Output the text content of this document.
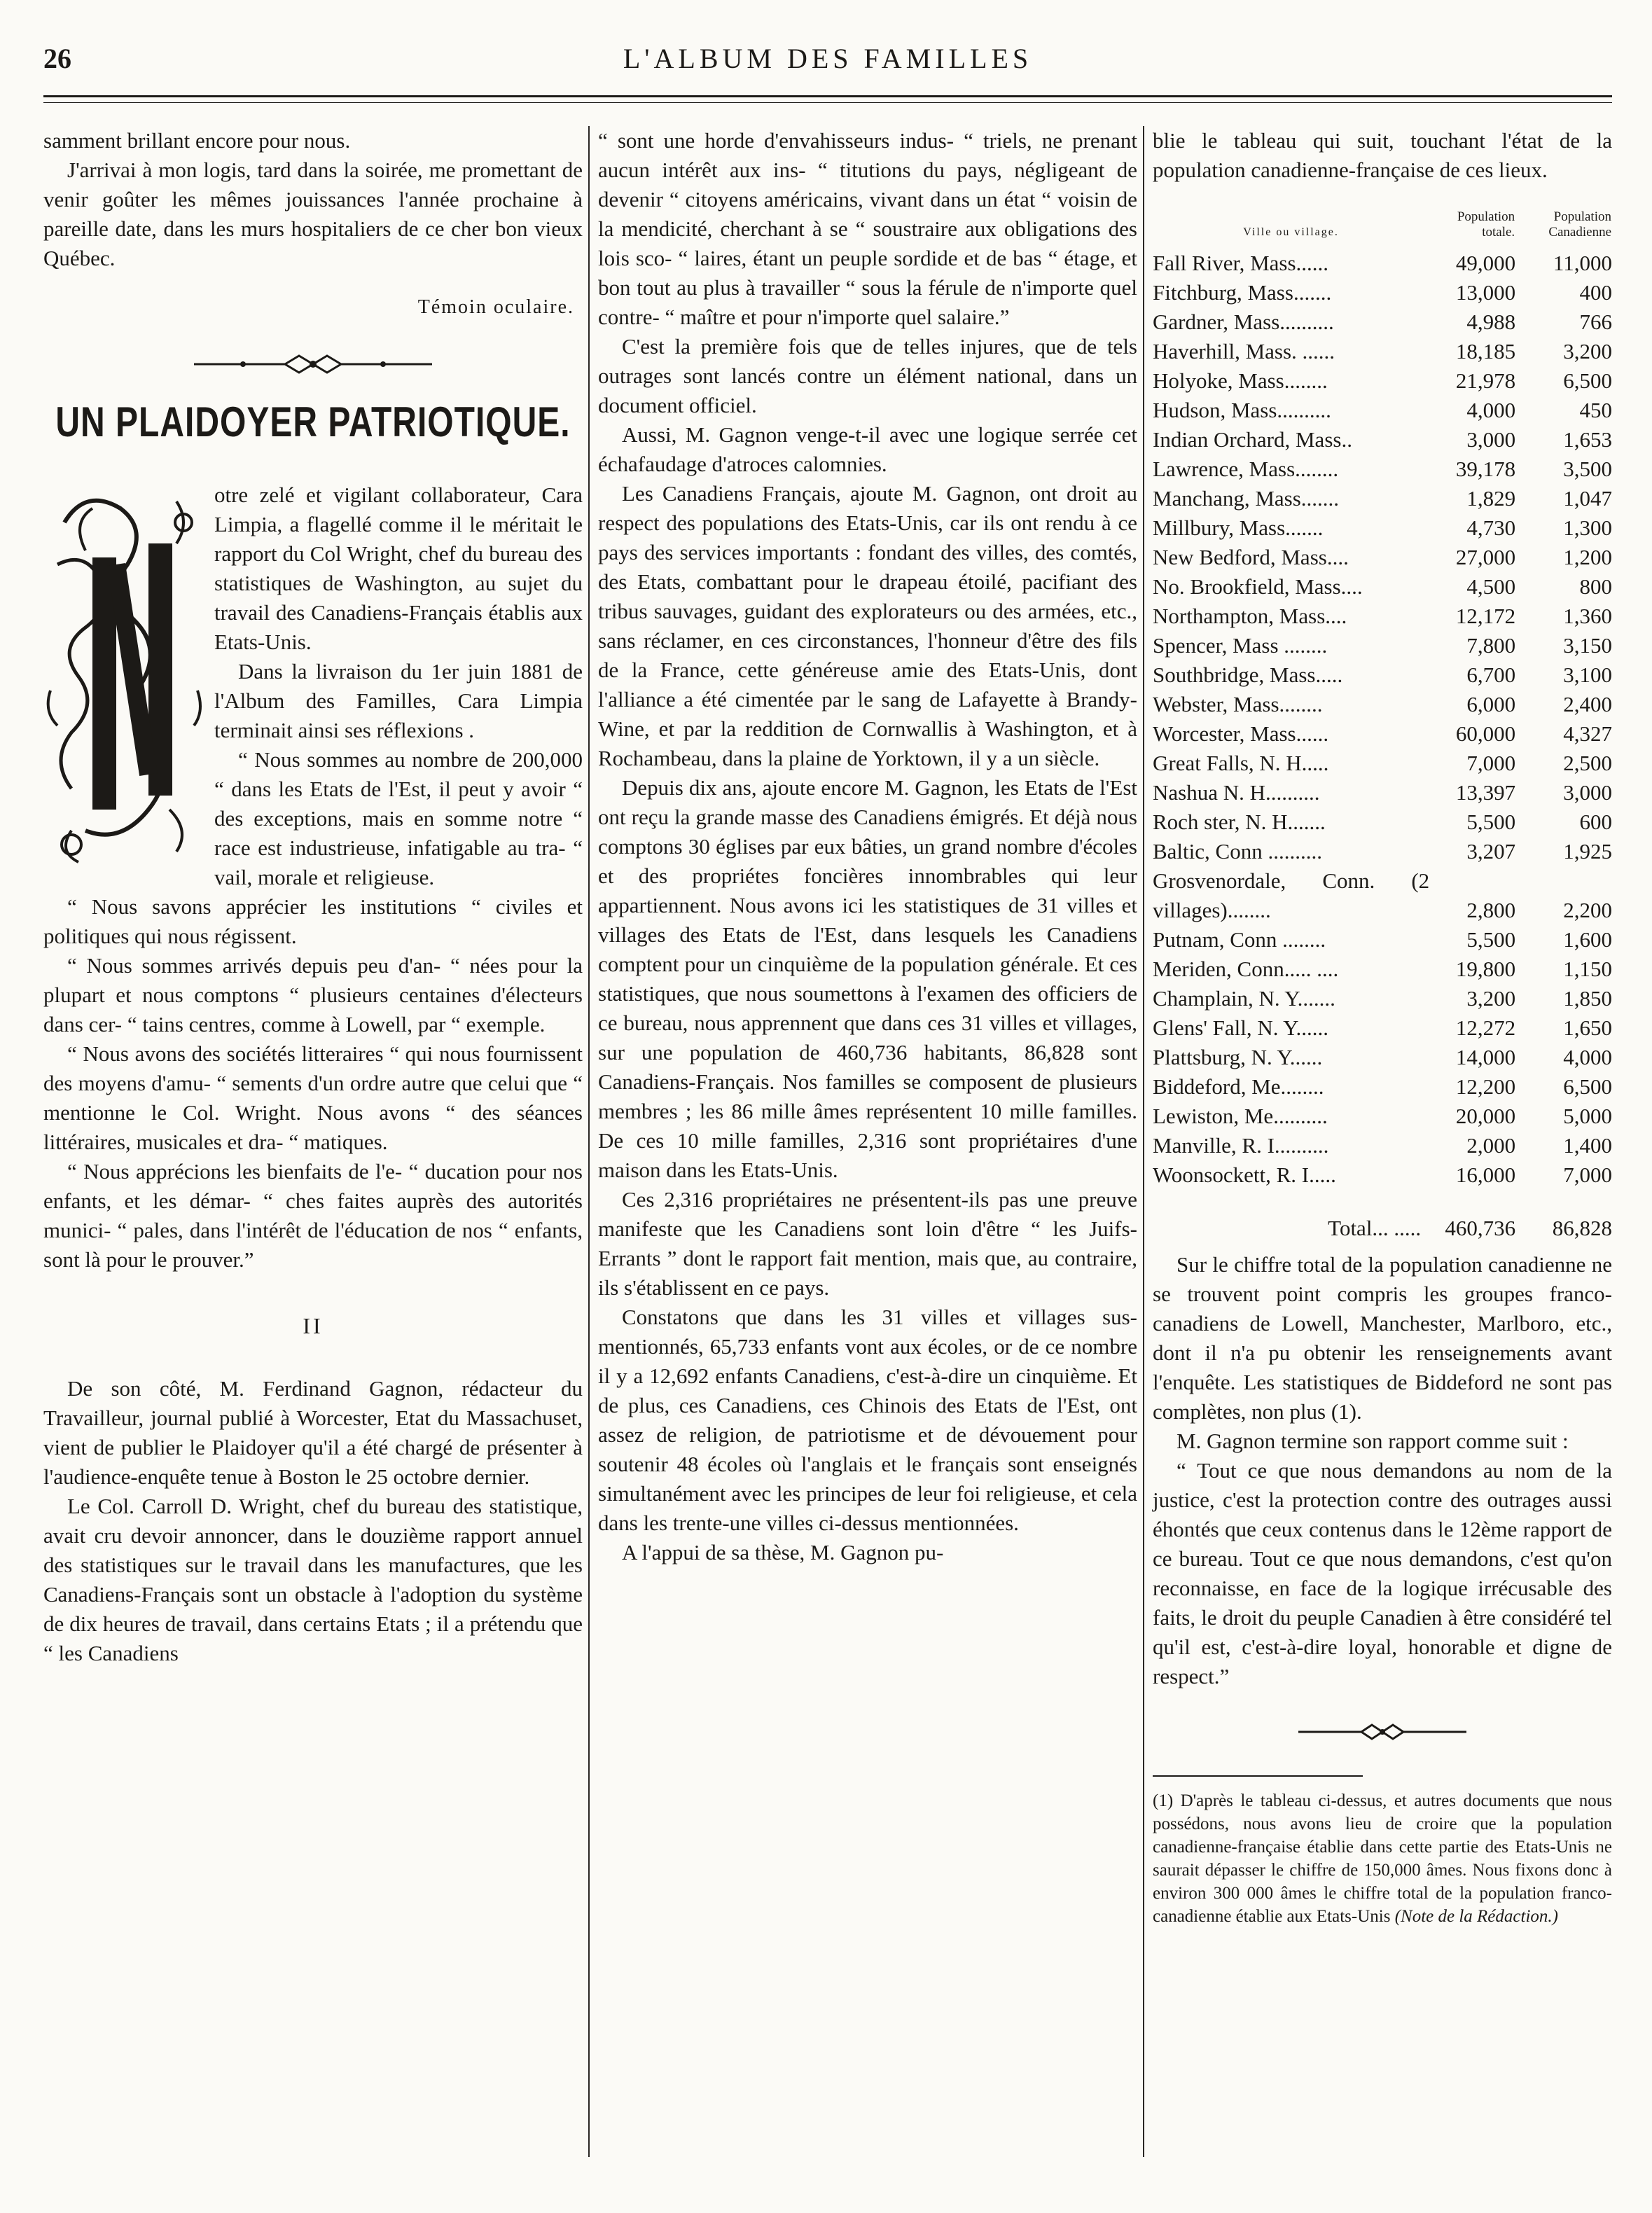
26	L'ALBUM DES FAMILLES

samment brillant encore pour nous.

J'arrivai à mon logis, tard dans la soirée, me promettant de venir goûter les mêmes jouissances l'année prochaine à pareille date, dans les murs hospitaliers de ce cher bon vieux Québec.

Témoin oculaire.
UN PLAIDOYER PATRIOTIQUE.

otre zelé et vigilant collaborateur, Cara Limpia, a flagellé comme il le méritait le rapport du Col Wright, chef du bureau des statistiques de Washington, au sujet du travail des Canadiens-Français établis aux Etats-Unis.

Dans la livraison du 1er juin 1881 de l'Album des Familles, Cara Limpia terminait ainsi ses réflexions .

“ Nous sommes au nombre de 200,000 “ dans les Etats de l'Est, il peut y avoir “ des exceptions, mais en somme notre “ race est industrieuse, infatigable au tra- “ vail, morale et religieuse.

“ Nous savons apprécier les institutions “ civiles et politiques qui nous régissent.

“ Nous sommes arrivés depuis peu d'an- “ nées pour la plupart et nous comptons “ plusieurs centaines d'électeurs dans cer- “ tains centres, comme à Lowell, par “ exemple.

“ Nous avons des sociétés litteraires “ qui nous fournissent des moyens d'amu- “ sements d'un ordre autre que celui que “ mentionne le Col. Wright. Nous avons “ des séances littéraires, musicales et dra- “ matiques.

“ Nous apprécions les bienfaits de l'e- “ ducation pour nos enfants, et les démar- “ ches faites auprès des autorités munici- “ pales, dans l'intérêt de l'éducation de nos “ enfants, sont là pour le prouver.”

II

De son côté, M. Ferdinand Gagnon, rédacteur du Travailleur, journal publié à Worcester, Etat du Massachuset, vient de publier le Plaidoyer qu'il a été chargé de présenter à l'audience-enquête tenue à Boston le 25 octobre dernier.

Le Col. Carroll D. Wright, chef du bureau des statistique, avait cru devoir annoncer, dans le douzième rapport annuel des statistiques sur le travail dans les manufactures, que les Canadiens-Français sont un obstacle à l'adoption du système de dix heures de travail, dans certains Etats ; il a prétendu que “ les Canadiens

“ sont une horde d'envahisseurs indus- “ triels, ne prenant aucun intérêt aux ins- “ titutions du pays, négligeant de devenir “ citoyens américains, vivant dans un état “ voisin de la mendicité, cherchant à se “ soustraire aux obligations des lois sco- “ laires, étant un peuple sordide et de bas “ étage, et bon tout au plus à travailler “ sous la férule de n'importe quel contre- “ maître et pour n'importe quel salaire.”

C'est la première fois que de telles injures, que de tels outrages sont lancés contre un élément national, dans un document officiel.

Aussi, M. Gagnon venge-t-il avec une logique serrée cet échafaudage d'atroces calomnies.

Les Canadiens Français, ajoute M. Gagnon, ont droit au respect des populations des Etats-Unis, car ils ont rendu à ce pays des services importants : fondant des villes, des comtés, des Etats, combattant pour le drapeau étoilé, pacifiant des tribus sauvages, guidant des explorateurs ou des armées, etc., sans réclamer, en ces circonstances, l'honneur d'être des fils de la France, cette généreuse amie des Etats-Unis, dont l'alliance a été cimentée par le sang de Lafayette à Brandy-Wine, et par la reddition de Cornwallis à Washington, et à Rochambeau, dans la plaine de Yorktown, il y a un siècle.

Depuis dix ans, ajoute encore M. Gagnon, les Etats de l'Est ont reçu la grande masse des Canadiens émigrés. Et déjà nous comptons 30 églises par eux bâties, un grand nombre d'écoles et des propriétes foncières innombrables qui leur appartiennent. Nous avons ici les statistiques de 31 villes et villages des Etats de l'Est, dans lesquels les Canadiens comptent pour un cinquième de la population générale. Et ces statistiques, que nous soumettons à l'examen des officiers de ce bureau, nous apprennent que dans ces 31 villes et villages, sur une population de 460,736 habitants, 86,828 sont Canadiens-Français. Nos familles se composent de plusieurs membres ; les 86 mille âmes représentent 10 mille familles. De ces 10 mille familles, 2,316 sont propriétaires d'une maison dans les Etats-Unis.

Ces 2,316 propriétaires ne présentent-ils pas une preuve manifeste que les Canadiens sont loin d'être “ les Juifs-Errants ” dont le rapport fait mention, mais que, au contraire, ils s'établissent en ce pays.

Constatons que dans les 31 villes et villages sus-mentionnés, 65,733 enfants vont aux écoles, or de ce nombre il y a 12,692 enfants Canadiens, c'est-à-dire un cinquième. Et de plus, ces Canadiens, ces Chinois des Etats de l'Est, ont assez de religion, de patriotisme et de dévouement pour soutenir 48 écoles où l'anglais et le français sont enseignés simultanément avec les principes de leur foi religieuse, et cela dans les trente-une villes ci-dessus mentionnées.

A l'appui de sa thèse, M. Gagnon pu-

blie le tableau qui suit, touchant l'état de la population canadienne-française de ces lieux.

Ville ou village.	Population totale.	Population Canadienne
Fall River, Mass......	49,000	11,000
Fitchburg, Mass.......	13,000	400
Gardner, Mass..........	4,988	766
Haverhill, Mass. ......	18,185	3,200
Holyoke, Mass........	21,978	6,500
Hudson, Mass..........	4,000	450
Indian Orchard, Mass..	3,000	1,653
Lawrence, Mass........	39,178	3,500
Manchang, Mass.......	1,829	1,047
Millbury, Mass.......	4,730	1,300
New Bedford, Mass....	27,000	1,200
No. Brookfield, Mass....	4,500	800
Northampton, Mass....	12,172	1,360
Spencer, Mass ........	7,800	3,150
Southbridge, Mass.....	6,700	3,100
Webster, Mass........	6,000	2,400
Worcester, Mass......	60,000	4,327
Great Falls, N. H.....	7,000	2,500
Nashua N. H..........	13,397	3,000
Roch ster, N. H.......	5,500	600
Baltic, Conn ..........	3,207	1,925
Grosvenordale, Conn. (2 villages)........	2,800	2,200
Putnam, Conn ........	5,500	1,600
Meriden, Conn..... ....	19,800	1,150
Champlain, N. Y.......	3,200	1,850
Glens' Fall, N. Y......	12,272	1,650
Plattsburg, N. Y......	14,000	4,000
Biddeford, Me........	12,200	6,500
Lewiston, Me..........	20,000	5,000
Manville, R. I..........	2,000	1,400
Woonsockett, R. I.....	16,000	7,000
Total... .....	460,736	86,828

Sur le chiffre total de la population canadienne ne se trouvent point compris les groupes franco-canadiens de Lowell, Manchester, Marlboro, etc., dont il n'a pu obtenir les renseignements avant l'enquête. Les statistiques de Biddeford ne sont pas complètes, non plus (1).

M. Gagnon termine son rapport comme suit :

“ Tout ce que nous demandons au nom de la justice, c'est la protection contre des outrages aussi éhontés que ceux contenus dans le 12ème rapport de ce bureau. Tout ce que nous demandons, c'est qu'on reconnaisse, en face de la logique irrécusable des faits, le droit du peuple Canadien à être considéré tel qu'il est, c'est-à-dire loyal, honorable et digne de respect.”

(1) D'après le tableau ci-dessus, et autres documents que nous possédons, nous avons lieu de croire que la population canadienne-française établie dans cette partie des Etats-Unis ne saurait dépasser le chiffre de 150,000 âmes. Nous fixons donc à environ 300 000 âmes le chiffre total de la population franco-canadienne établie aux Etats-Unis (Note de la Rédaction.)
